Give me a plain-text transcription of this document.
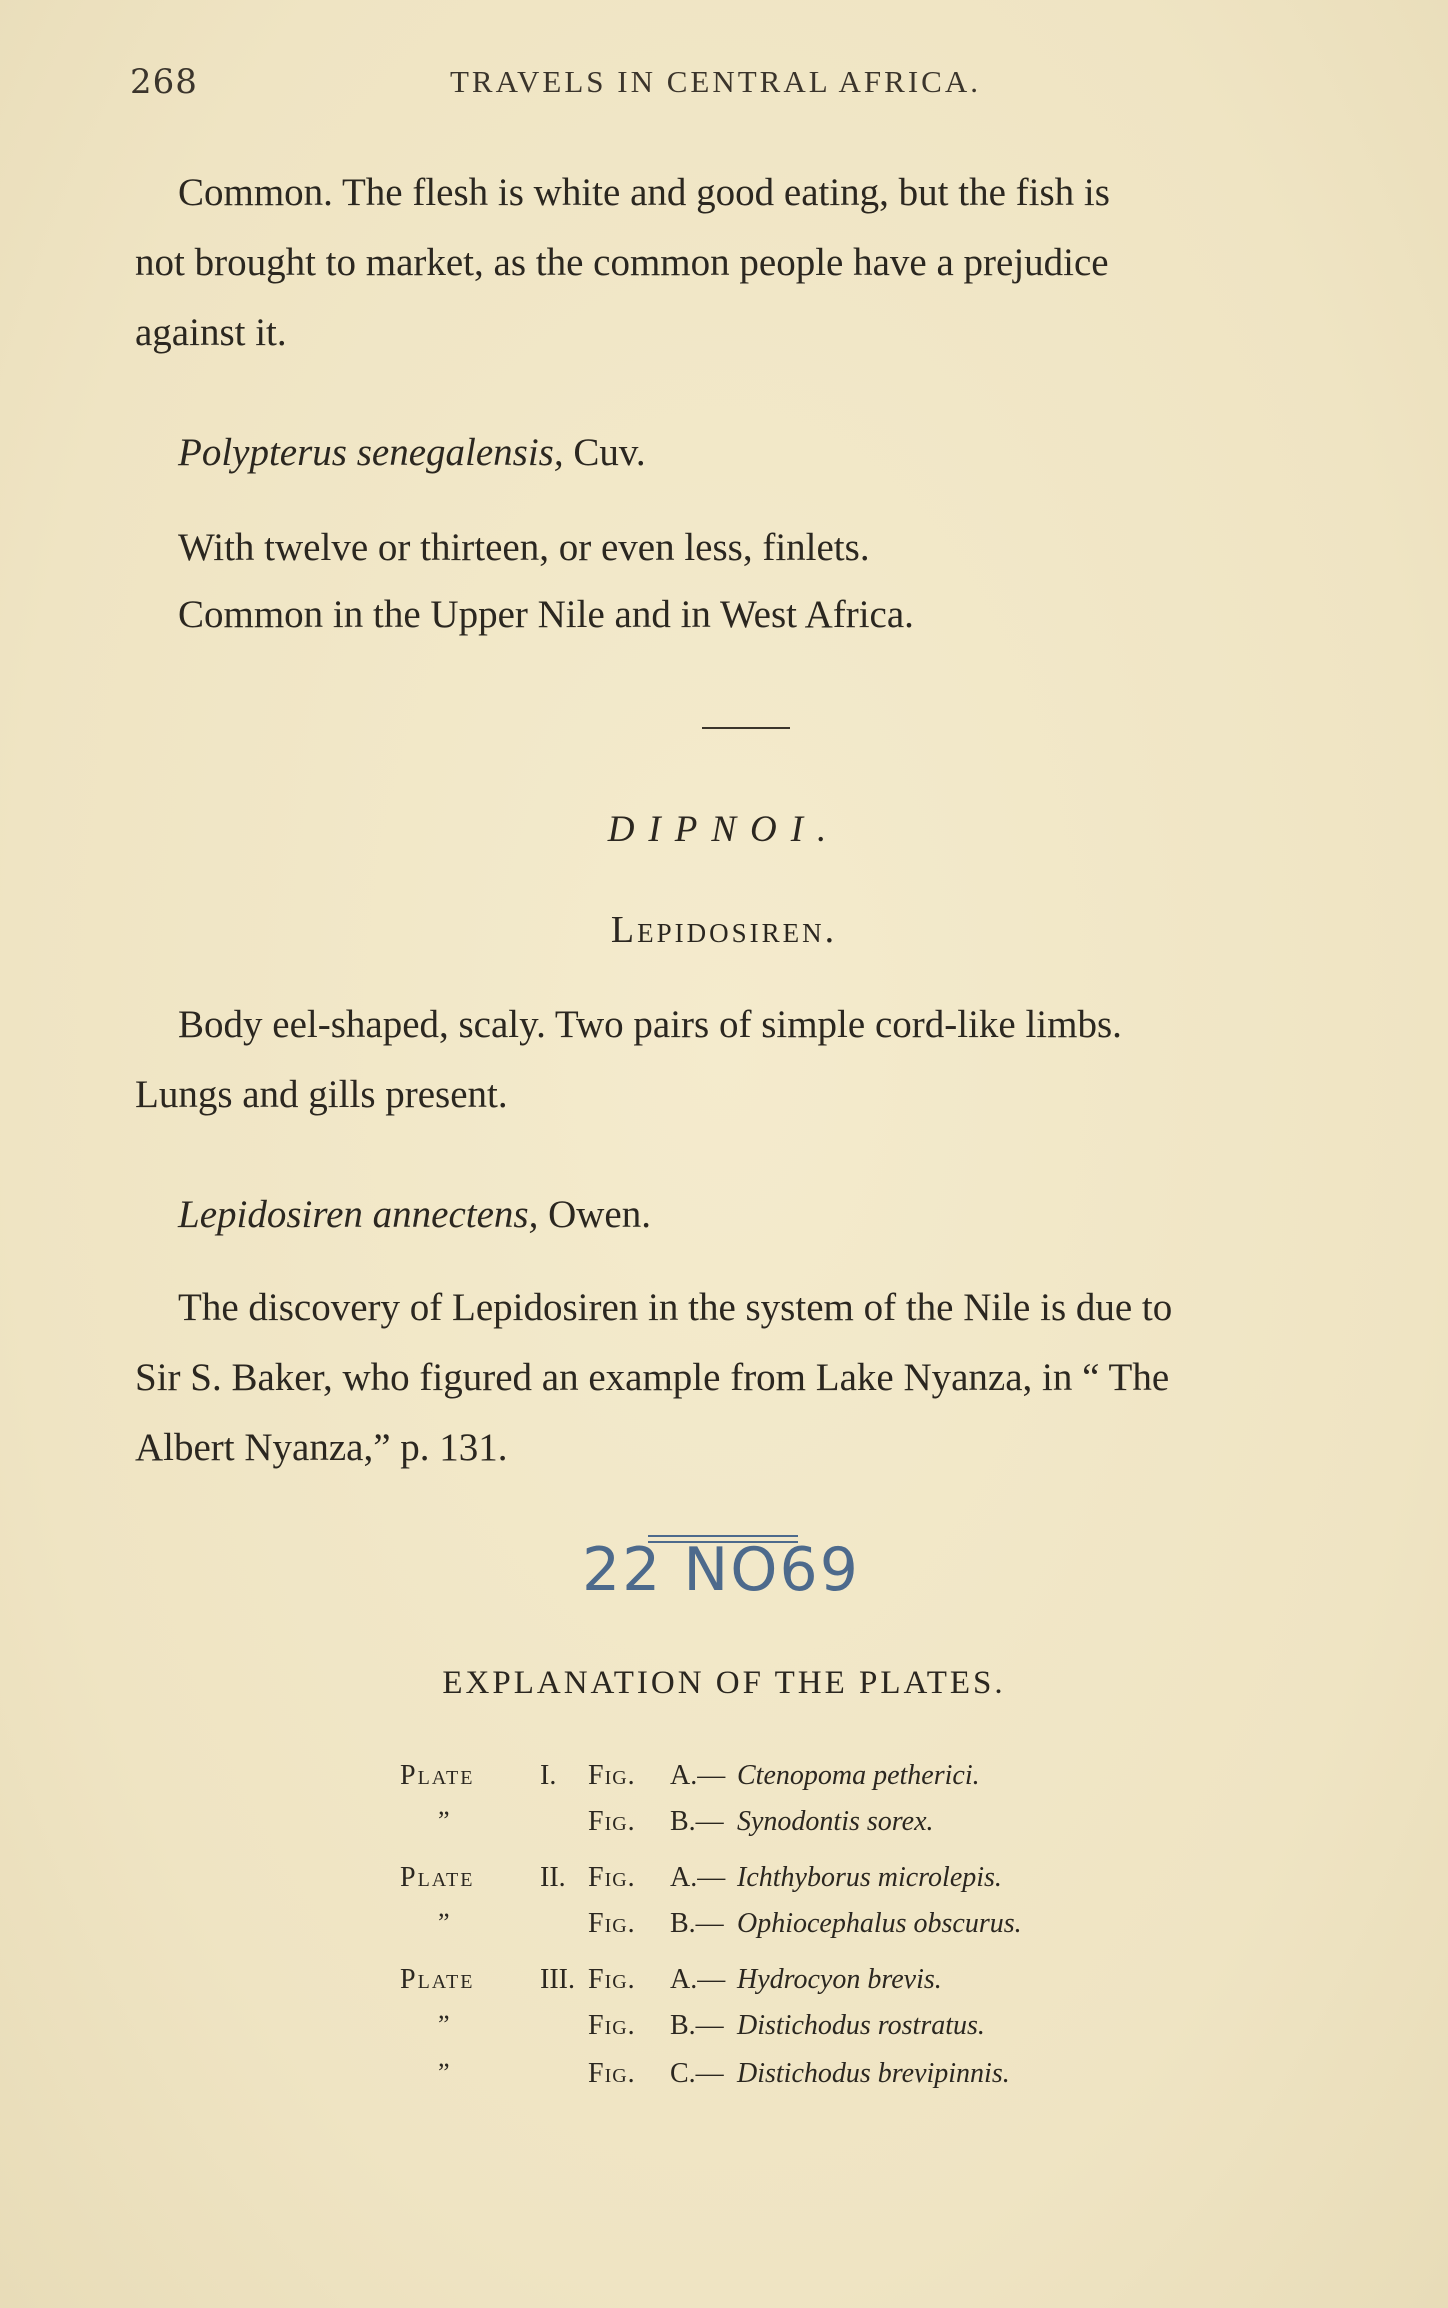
268	TRAVELS IN CENTRAL AFRICA.
Common. The flesh is white and good eating, but the fish is
not brought to market, as the common people have a prejudice
against it.
Polypterus senegalensis, Cuv.
With twelve or thirteen, or even less, finlets.
Common in the Upper Nile and in West Africa.
DIPNOI.
Lepidosiren.
Body eel-shaped, scaly. Two pairs of simple cord-like limbs.
Lungs and gills present.
Lepidosiren annectens, Owen.
The discovery of Lepidosiren in the system of the Nile is due to
Sir S. Baker, who figured an example from Lake Nyanza, in “ The
Albert Nyanza,” p. 131.
22 NO69
EXPLANATION OF THE PLATES.
Plate I. Fig. A.— Ctenopoma petherici.
”	Fig. B.— Synodontis sorex.
Plate II. Fig. A.— Ichthyborus microlepis.
”	Fig. B.— Ophiocephalus obscurus.
Plate III. Fig. A.— Hydrocyon brevis.
”	Fig. B.— Distichodus rostratus.
”	Fig. C.— Distichodus brevipinnis.
